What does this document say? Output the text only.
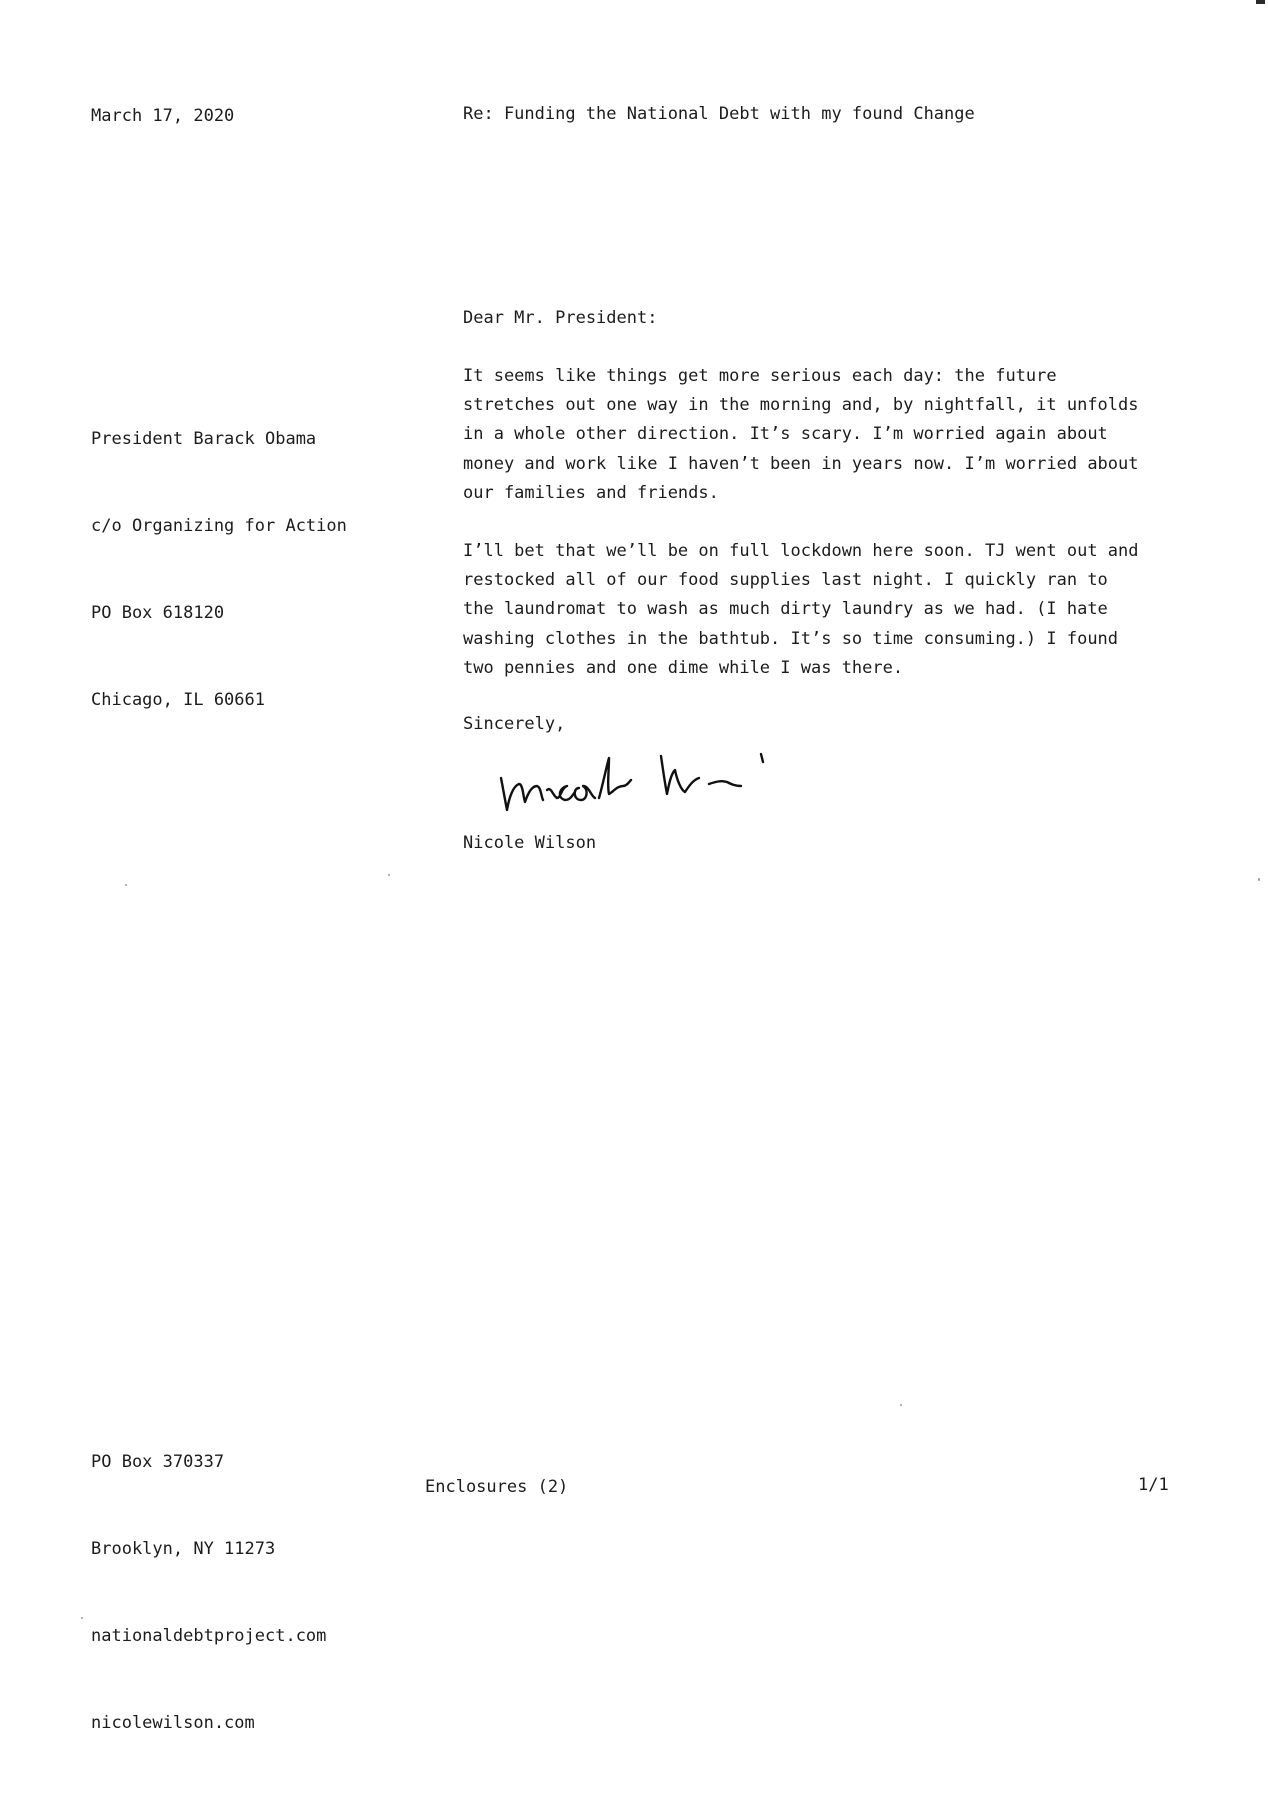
March 17, 2020	Re: Funding the National Debt with my found Change
Dear Mr. President:

President Barack Obama

c/o Organizing for Action

PO Box 618120

Chicago, IL 60661

It seems like things get more serious each day: the future
stretches out one way in the morning and, by nightfall, it unfolds
in a whole other direction. It’s scary. I’m worried again about
money and work like I haven’t been in years now. I’m worried about
our families and friends.
I’ll bet that we’ll be on full lockdown here soon. TJ went out and
restocked all of our food supplies last night. I quickly ran to
the laundromat to wash as much dirty laundry as we had. (I hate
washing clothes in the bathtub. It’s so time consuming.) I found
two pennies and one dime while I was there.
Sincerely,
Nicole Wilson

PO Box 370337

Brooklyn, NY 11273

nationaldebtproject.com

nicolewilson.com

Enclosures (2)	1/1
